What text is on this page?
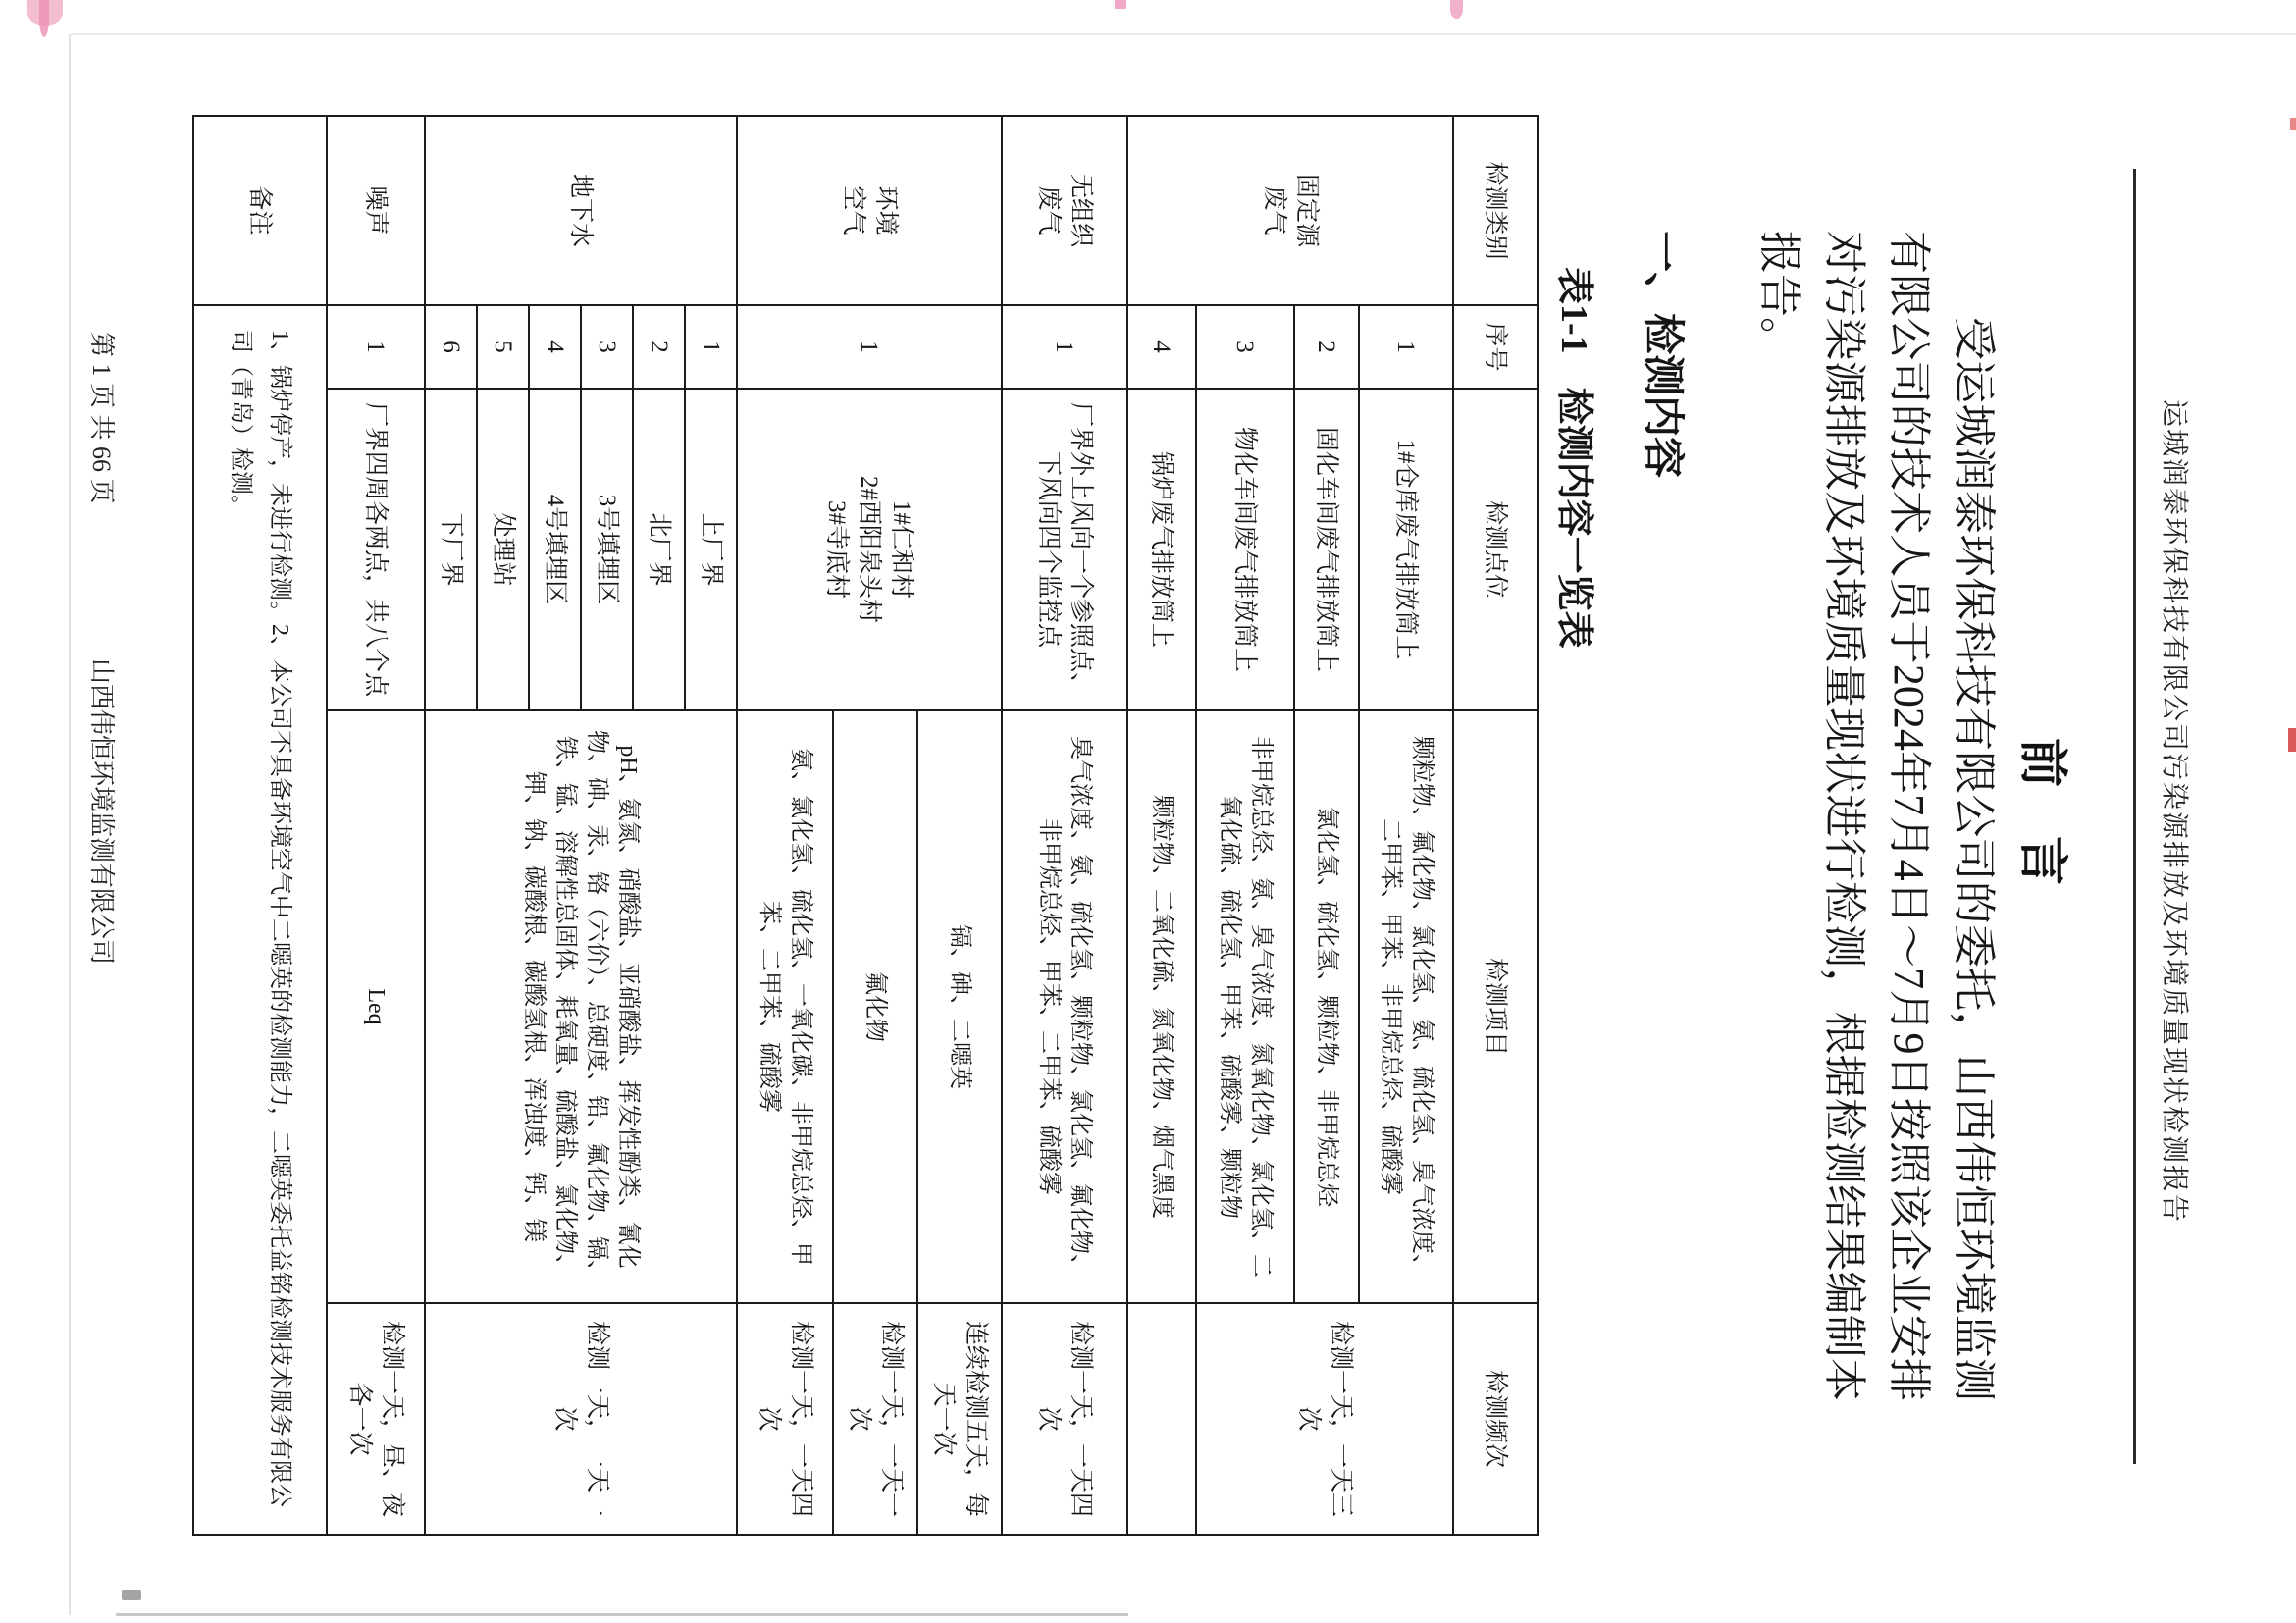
运城润泰环保科技有限公司污染源排放及环境质量现状检测报告
前　言
受运城润泰环保科技有限公司的委托，山西伟恒环境监测有限公司的技术人员于2024年7月4日～7月9日按照该企业安排对污染源排放及环境质量现状进行检测，根据检测结果编制本报告。
一、检测内容
表1-1检测内容一览表
检测类别	序号	检测点位	检测项目	检测频次
固定源废气	1	1#仓库废气排放筒上	颗粒物、氟化物、氯化氢、氨、硫化氢、臭气浓度、二甲苯、甲苯、非甲烷总烃、硫酸雾	检测一天，一天三次
	2	固化车间废气排放筒上	氯化氢、硫化氢、颗粒物、非甲烷总烃	
	3	物化车间废气排放筒上	非甲烷总烃、氨、臭气浓度、氮氧化物、氯化氢、二氧化硫、硫化氢、甲苯、硫酸雾、颗粒物	
	4	锅炉废气排放筒上	颗粒物、二氧化硫、氮氧化物、烟气黑度	
无组织废气	1	厂界外上风向一个参照点、下风向四个监控点	臭气浓度、氨、硫化氢、颗粒物、氯化氢、氟化物、非甲烷总烃、甲苯、二甲苯、硫酸雾	检测一天，一天四次
环境空气	1	1#仁和村
2#西阳泉头村
3#寺底村	镉、砷、二噁英	连续检测五天，每天一次
			氟化物	检测一天，一天一次
			氨、氯化氢、硫化氢、一氧化碳、非甲烷总烃、甲苯、二甲苯、硫酸雾	检测一天，一天四次
地下水	1	上厂界	pH、氨氮、硝酸盐、亚硝酸盐、挥发性酚类、氰化物、砷、汞、铬（六价）、总硬度、铅、氟化物、镉、铁、锰、溶解性总固体、耗氧量、硫酸盐、氯化物、钾、钠、碳酸根、碳酸氢根、浑浊度、钙、镁	检测一天，一天一次
	2	北厂界		
	3	3号填埋区		
	4	4号填埋区		
	5	处理站		
	6	下厂界		
噪声	1	厂界四周各两点，共八个点	Leq	检测一天，昼、夜各一次
备注	1、锅炉停产，未进行检测。2、本公司不具备环境空气中二噁英的检测能力，二噁英委托益铭检测技术服务有限公司（青岛）检测。			
山西伟恒环境监测有限公司
第 1 页 共 66 页
